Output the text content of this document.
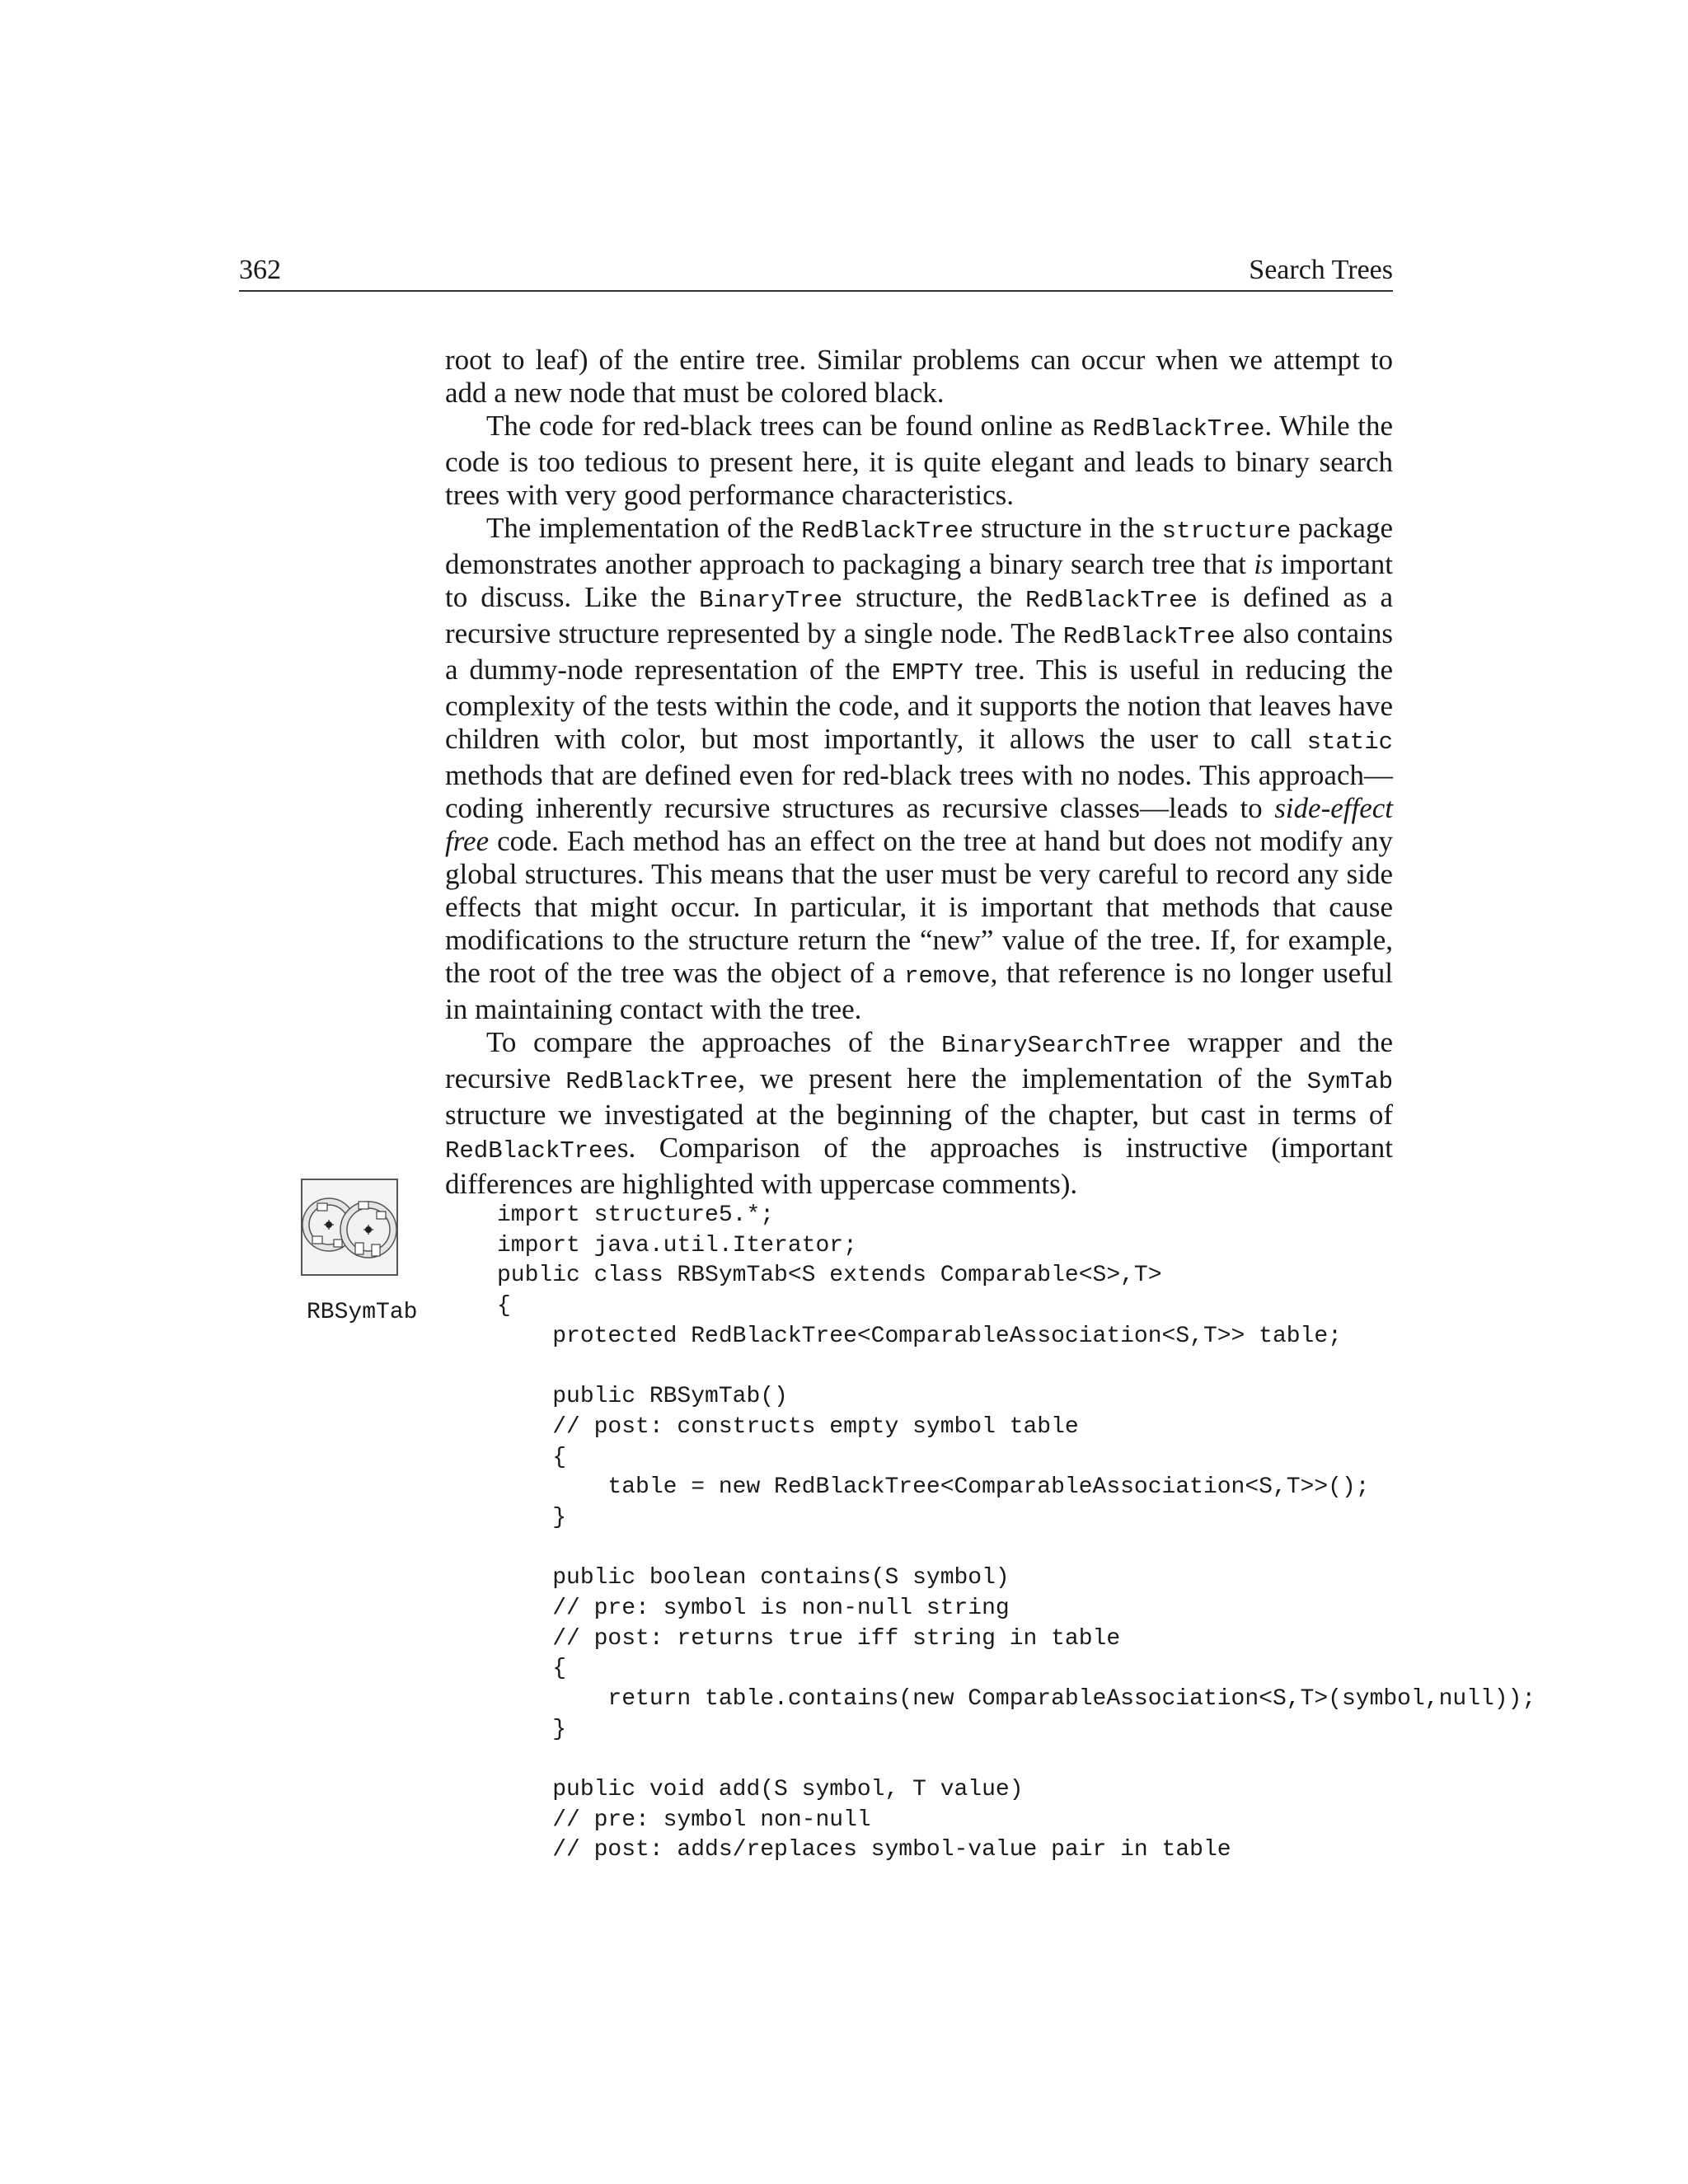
362	Search Trees

root to leaf) of the entire tree. Similar problems can occur when we attempt to add a new node that must be colored black.

The code for red-black trees can be found online as RedBlackTree. While the code is too tedious to present here, it is quite elegant and leads to binary search trees with very good performance characteristics.

The implementation of the RedBlackTree structure in the structure package demonstrates another approach to packaging a binary search tree that is important to discuss. Like the BinaryTree structure, the RedBlackTree is defined as a recursive structure represented by a single node. The RedBlackTree also contains a dummy-node representation of the EMPTY tree. This is useful in reducing the complexity of the tests within the code, and it supports the notion that leaves have children with color, but most importantly, it allows the user to call static methods that are defined even for red-black trees with no nodes. This approach—coding inherently recursive structures as recursive classes—leads to side-effect free code. Each method has an effect on the tree at hand but does not modify any global structures. This means that the user must be very careful to record any side effects that might occur. In particular, it is important that methods that cause modifications to the structure return the “new” value of the tree. If, for example, the root of the tree was the object of a remove, that reference is no longer useful in maintaining contact with the tree.

To compare the approaches of the BinarySearchTree wrapper and the recursive RedBlackTree, we present here the implementation of the SymTab structure we investigated at the beginning of the chapter, but cast in terms of RedBlackTrees. Comparison of the approaches is instructive (important differences are highlighted with uppercase comments).

RBSymTab
import structure5.*;
import java.util.Iterator;
public class RBSymTab<S extends Comparable<S>,T>
{
protected RedBlackTree<ComparableAssociation<S,T>> table;
public RBSymTab()
// post: constructs empty symbol table
{
table = new RedBlackTree<ComparableAssociation<S,T>>();
}
public boolean contains(S symbol)
// pre: symbol is non-null string
// post: returns true iff string in table
{
return table.contains(new ComparableAssociation<S,T>(symbol,null));
}
public void add(S symbol, T value)
// pre: symbol non-null
// post: adds/replaces symbol-value pair in table
